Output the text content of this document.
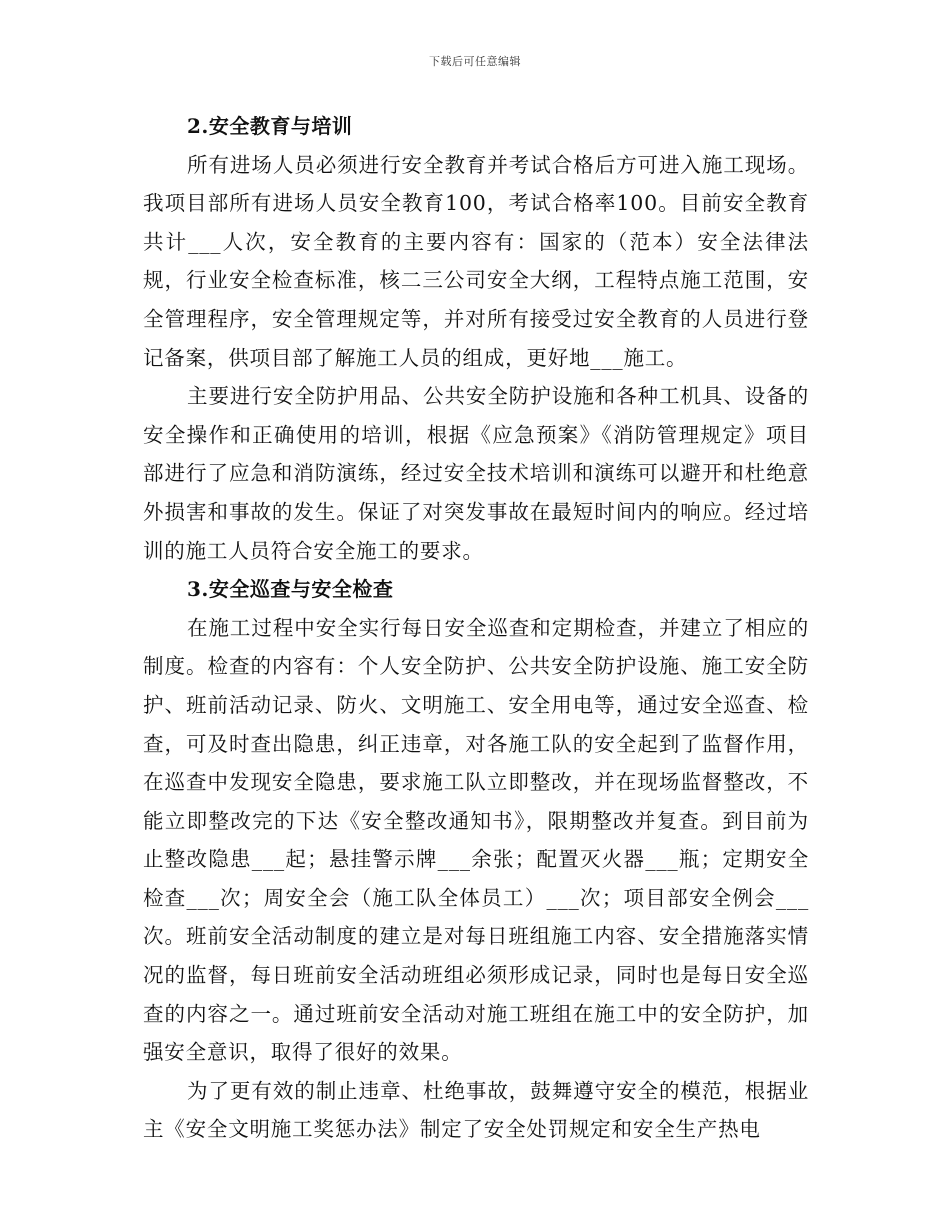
下载后可任意编辑
2.安全教育与培训

所有进场人员必须进行安全教育并考试合格后方可进入施工现场。我项目部所有进场人员安全教育100，考试合格率100。目前安全教育共计___人次，安全教育的主要内容有：国家的（范本）安全法律法规，行业安全检查标准，核二三公司安全大纲，工程特点施工范围，安全管理程序，安全管理规定等，并对所有接受过安全教育的人员进行登记备案，供项目部了解施工人员的组成，更好地___施工。

主要进行安全防护用品、公共安全防护设施和各种工机具、设备的安全操作和正确使用的培训，根据《应急预案》《消防管理规定》项目部进行了应急和消防演练，经过安全技术培训和演练可以避开和杜绝意外损害和事故的发生。保证了对突发事故在最短时间内的响应。经过培训的施工人员符合安全施工的要求。

3.安全巡查与安全检查

在施工过程中安全实行每日安全巡查和定期检查，并建立了相应的制度。检查的内容有：个人安全防护、公共安全防护设施、施工安全防护、班前活动记录、防火、文明施工、安全用电等，通过安全巡查、检查，可及时查出隐患，纠正违章，对各施工队的安全起到了监督作用，在巡查中发现安全隐患，要求施工队立即整改，并在现场监督整改，不能立即整改完的下达《安全整改通知书》，限期整改并复查。到目前为止整改隐患___起；悬挂警示牌___余张；配置灭火器___瓶；定期安全检查___次；周安全会（施工队全体员工）___次；项目部安全例会___次。班前安全活动制度的建立是对每日班组施工内容、安全措施落实情况的监督，每日班前安全活动班组必须形成记录，同时也是每日安全巡查的内容之一。通过班前安全活动对施工班组在施工中的安全防护，加强安全意识，取得了很好的效果。

为了更有效的制止违章、杜绝事故，鼓舞遵守安全的模范，根据业主《安全文明施工奖惩办法》制定了安全处罚规定和安全生产热电
